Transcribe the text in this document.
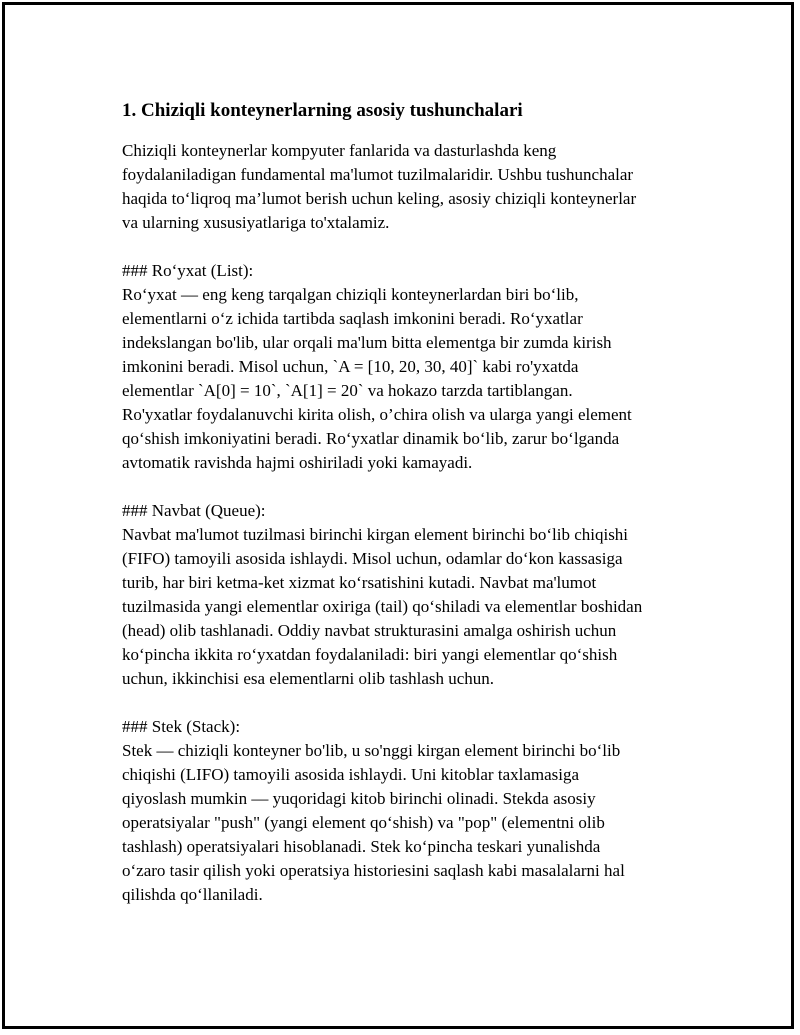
1. Chiziqli konteynerlarning asosiy tushunchalari

Chiziqli konteynerlar kompyuter fanlarida va dasturlashda keng
foydalaniladigan fundamental ma'lumot tuzilmalaridir. Ushbu tushunchalar
haqida to‘liqroq ma’lumot berish uchun keling, asosiy chiziqli konteynerlar
va ularning xususiyatlariga to'xtalamiz.

### Ro‘yxat (List):

Ro‘yxat — eng keng tarqalgan chiziqli konteynerlardan biri bo‘lib,
elementlarni o‘z ichida tartibda saqlash imkonini beradi. Ro‘yxatlar
indekslangan bo'lib, ular orqali ma'lum bitta elementga bir zumda kirish
imkonini beradi. Misol uchun, `A = [10, 20, 30, 40]` kabi ro'yxatda
elementlar `A[0] = 10`, `A[1] = 20` va hokazo tarzda tartiblangan.
Ro'yxatlar foydalanuvchi kirita olish, o’chira olish va ularga yangi element
qo‘shish imkoniyatini beradi. Ro‘yxatlar dinamik bo‘lib, zarur bo‘lganda
avtomatik ravishda hajmi oshiriladi yoki kamayadi.

### Navbat (Queue):

Navbat ma'lumot tuzilmasi birinchi kirgan element birinchi bo‘lib chiqishi
(FIFO) tamoyili asosida ishlaydi. Misol uchun, odamlar do‘kon kassasiga
turib, har biri ketma-ket xizmat ko‘rsatishini kutadi. Navbat ma'lumot
tuzilmasida yangi elementlar oxiriga (tail) qo‘shiladi va elementlar boshidan
(head) olib tashlanadi. Oddiy navbat strukturasini amalga oshirish uchun
ko‘pincha ikkita ro‘yxatdan foydalaniladi: biri yangi elementlar qo‘shish
uchun, ikkinchisi esa elementlarni olib tashlash uchun.

### Stek (Stack):

Stek — chiziqli konteyner bo'lib, u so'nggi kirgan element birinchi bo‘lib
chiqishi (LIFO) tamoyili asosida ishlaydi. Uni kitoblar taxlamasiga
qiyoslash mumkin — yuqoridagi kitob birinchi olinadi. Stekda asosiy
operatsiyalar "push" (yangi element qo‘shish) va "pop" (elementni olib
tashlash) operatsiyalari hisoblanadi. Stek ko‘pincha teskari yunalishda
o‘zaro tasir qilish yoki operatsiya historiesini saqlash kabi masalalarni hal
qilishda qo‘llaniladi.
